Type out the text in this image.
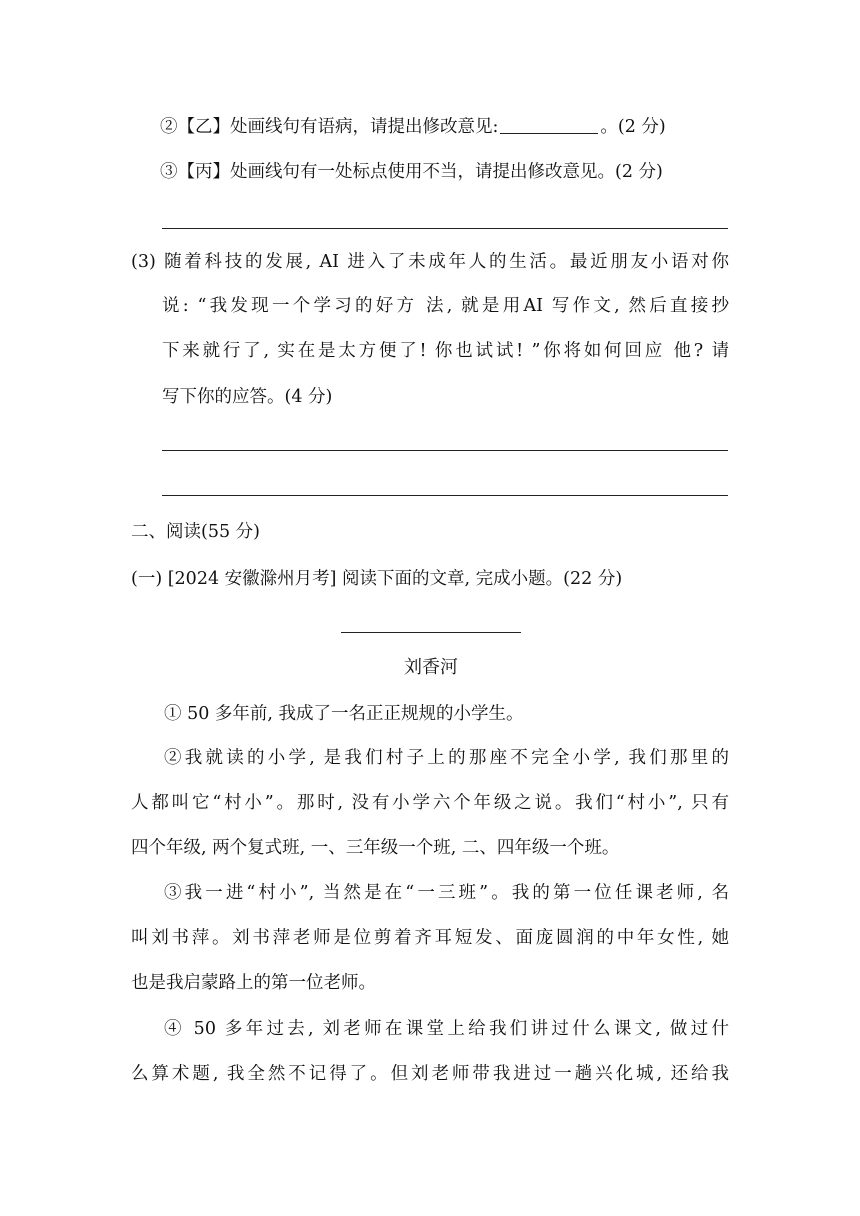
②【乙】处画线句有语病，请提出修改意见:	。(2 分)
③【丙】处画线句有一处标点使用不当，请提出修改意见。(2 分)
(3) 随着科技的发展, AI 进入了未成年人的生活。最近朋友小语对你
说: “我发现一个学习的好方 法, 就是用AI 写作文, 然后直接抄
下来就行了, 实在是太方便了! 你也试试! ”你将如何回应 他? 请
写下你的应答。(4 分)
二、阅读(55 分)
(一) [2024 安徽滁州月考] 阅读下面的文章, 完成小题。(22 分)
刘香河
① 50 多年前, 我成了一名正正规规的小学生。
②我就读的小学, 是我们村子上的那座不完全小学, 我们那里的
人都叫它“村小”。那时, 没有小学六个年级之说。我们“村小”, 只有
四个年级, 两个复式班, 一、三年级一个班, 二、四年级一个班。
③我一进“村小”, 当然是在“一三班”。我的第一位任课老师, 名
叫刘书萍。刘书萍老师是位剪着齐耳短发、面庞圆润的中年女性, 她
也是我启蒙路上的第一位老师。
④ 50 多年过去, 刘老师在课堂上给我们讲过什么课文, 做过什
么算术题, 我全然不记得了。但刘老师带我进过一趟兴化城, 还给我
